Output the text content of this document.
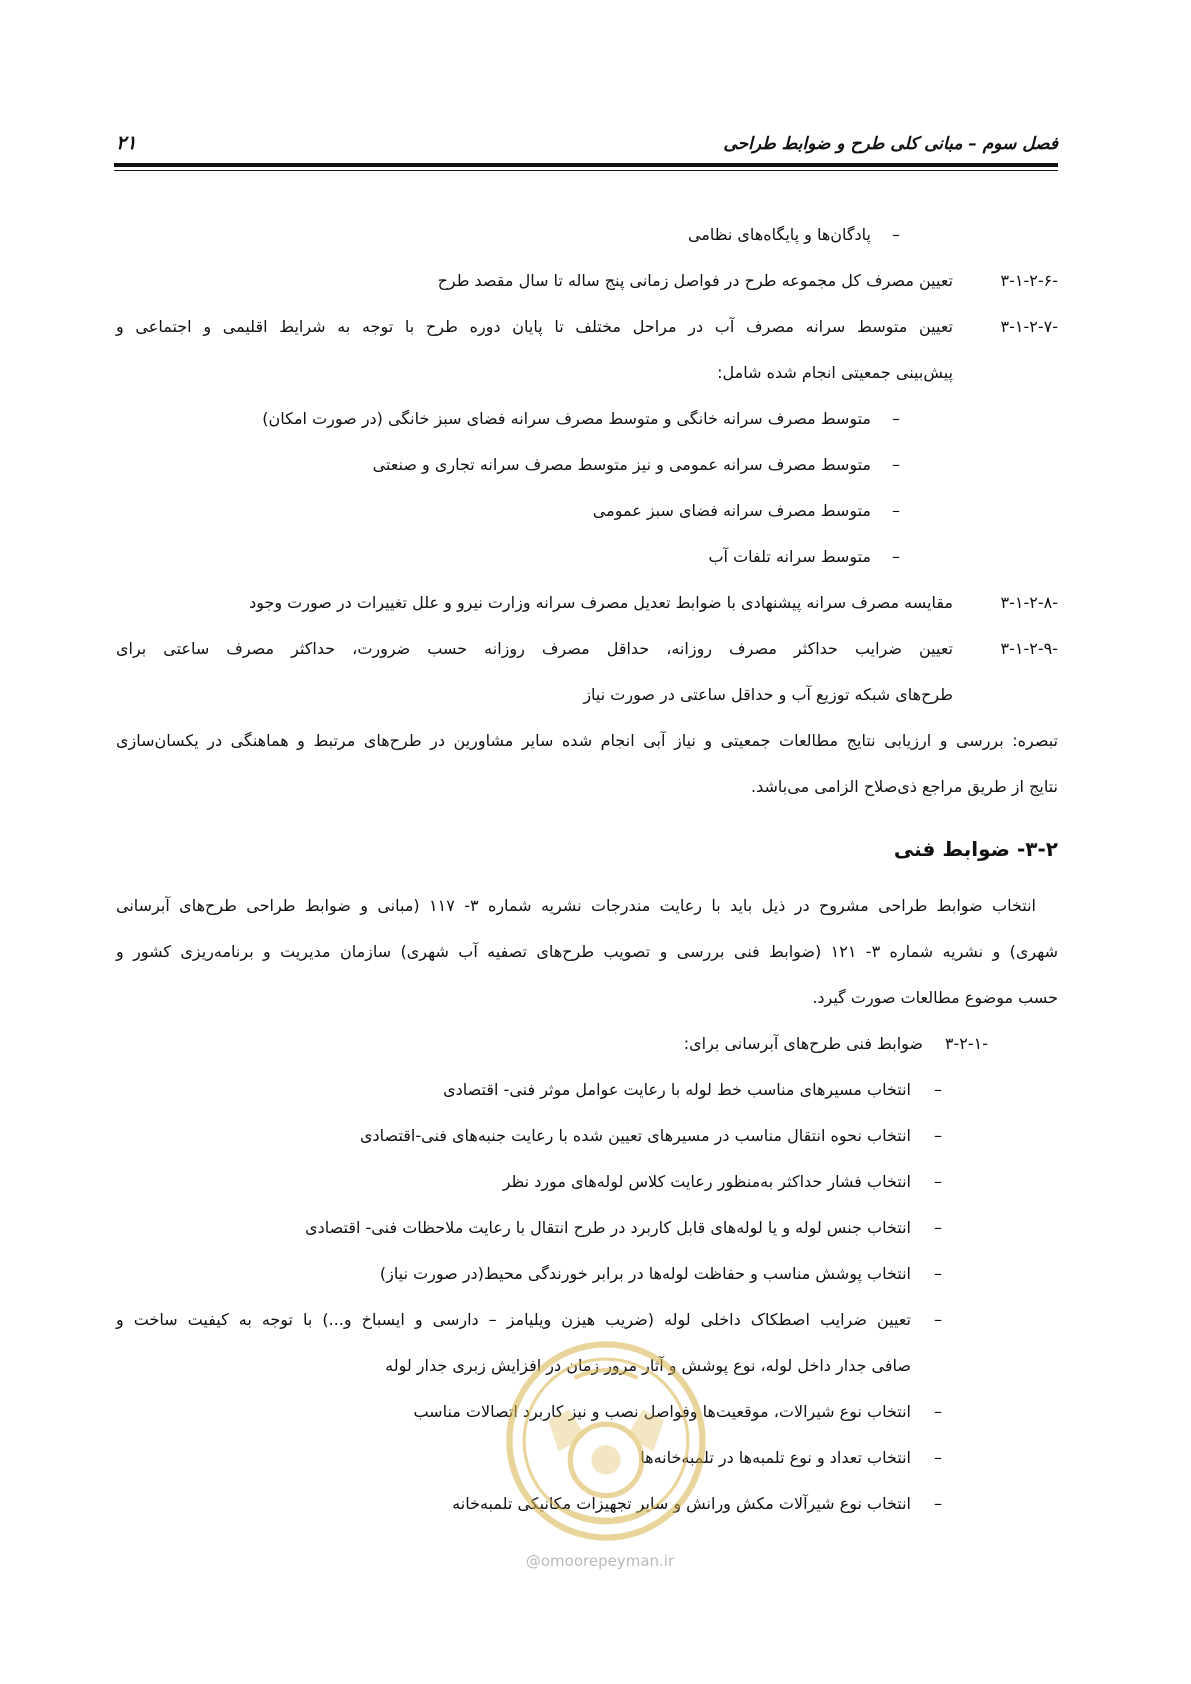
فصل سوم – مبانی کلی طرح و ضوابط طراحی
۲۱
–
پادگان‌ها و پایگاه‌های نظامی
۳-۱-۲-۶-
تعیین مصرف کل مجموعه طرح در فواصل زمانی پنج ساله تا سال مقصد طرح
۳-۱-۲-۷-
تعیین متوسط سرانه مصرف آب در مراحل مختلف تا پایان دوره طرح با توجه به شرایط اقلیمی و اجتماعی و
پیش‌بینی جمعیتی انجام شده شامل:
–
متوسط مصرف سرانه خانگی و متوسط مصرف سرانه فضای سبز خانگی (در صورت امکان)
–
متوسط مصرف سرانه عمومی و نیز متوسط مصرف سرانه تجاری و صنعتی
–
متوسط مصرف سرانه فضای سبز عمومی
–
متوسط سرانه تلفات آب
۳-۱-۲-۸-
مقایسه مصرف سرانه پیشنهادی با ضوابط تعدیل مصرف سرانه وزارت نیرو و علل تغییرات در صورت وجود
۳-۱-۲-۹-
تعیین ضرایب حداکثر مصرف روزانه، حداقل مصرف روزانه حسب ضرورت، حداکثر مصرف ساعتی برای
طرح‌های شبکه توزیع آب و حداقل ساعتی در صورت نیاز
تبصره: بررسی و ارزیابی نتایج مطالعات جمعیتی و نیاز آبی انجام شده سایر مشاورین در طرح‌های مرتبط و هماهنگی در یکسان‌سازی
نتایج از طریق مراجع ذی‌صلاح الزامی می‌باشد.
۳-۲- ضوابط فنی
انتخاب ضوابط طراحی مشروح در ذیل باید با رعایت مندرجات نشریه شماره ۳- ۱۱۷ (مبانی و ضوابط طراحی طرح‌های آبرسانی
شهری) و نشریه شماره ۳- ۱۲۱ (ضوابط فنی بررسی و تصویب طرح‌های تصفیه آب شهری) سازمان مدیریت و برنامه‌ریزی کشور و
حسب موضوع مطالعات صورت گیرد.
۳-۲-۱-
ضوابط فنی طرح‌های آبرسانی برای:
–
انتخاب مسیرهای مناسب خط لوله با رعایت عوامل موثر فنی- اقتصادی
–
انتخاب نحوه انتقال مناسب در مسیرهای تعیین شده با رعایت جنبه‌های فنی-اقتصادی
–
انتخاب فشار حداکثر به‌منظور رعایت کلاس لوله‌های مورد نظر
–
انتخاب جنس لوله و یا لوله‌های قابل کاربرد در طرح انتقال با رعایت ملاحظات فنی- اقتصادی
–
انتخاب پوشش مناسب و حفاظت لوله‌ها در برابر خورندگی محیط(در صورت نیاز)
–
تعیین ضرایب اصطکاک داخلی لوله (ضریب هیزن ویلیامز – دارسی و ایسباخ و...) با توجه به کیفیت ساخت و
صافی جدار داخل لوله، نوع پوشش و آثار مرور زمان در افزایش زبری جدار لوله
–
انتخاب نوع شیرالات، موقعیت‌ها وفواصل نصب و نیز کاربرد اتصالات مناسب
–
انتخاب تعداد و نوع تلمبه‌ها در تلمبه‌خانه‌ها
–
انتخاب نوع شیرآلات مکش ورانش و سایر تجهیزات مکانیکی تلمبه‌خانه
@omoorepeyman.ir
